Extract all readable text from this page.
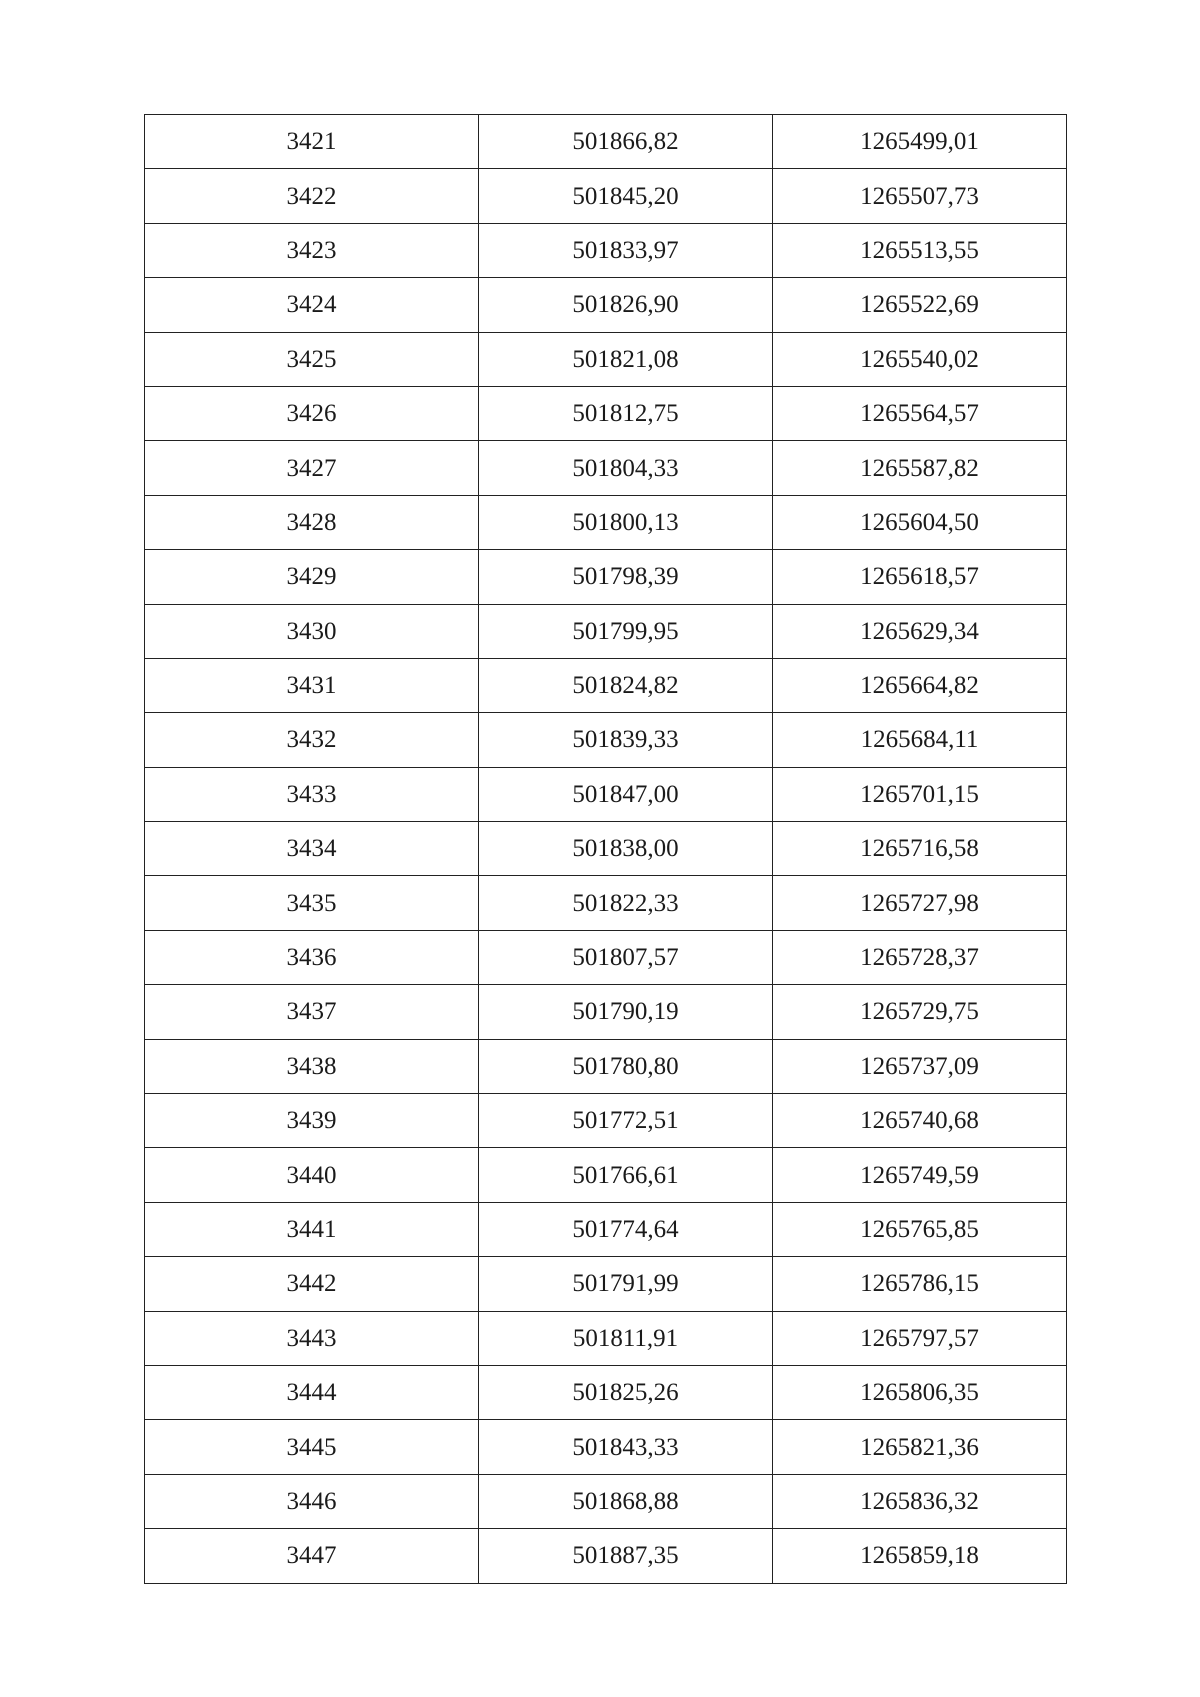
3421	501866,82	1265499,01
3422	501845,20	1265507,73
3423	501833,97	1265513,55
3424	501826,90	1265522,69
3425	501821,08	1265540,02
3426	501812,75	1265564,57
3427	501804,33	1265587,82
3428	501800,13	1265604,50
3429	501798,39	1265618,57
3430	501799,95	1265629,34
3431	501824,82	1265664,82
3432	501839,33	1265684,11
3433	501847,00	1265701,15
3434	501838,00	1265716,58
3435	501822,33	1265727,98
3436	501807,57	1265728,37
3437	501790,19	1265729,75
3438	501780,80	1265737,09
3439	501772,51	1265740,68
3440	501766,61	1265749,59
3441	501774,64	1265765,85
3442	501791,99	1265786,15
3443	501811,91	1265797,57
3444	501825,26	1265806,35
3445	501843,33	1265821,36
3446	501868,88	1265836,32
3447	501887,35	1265859,18
